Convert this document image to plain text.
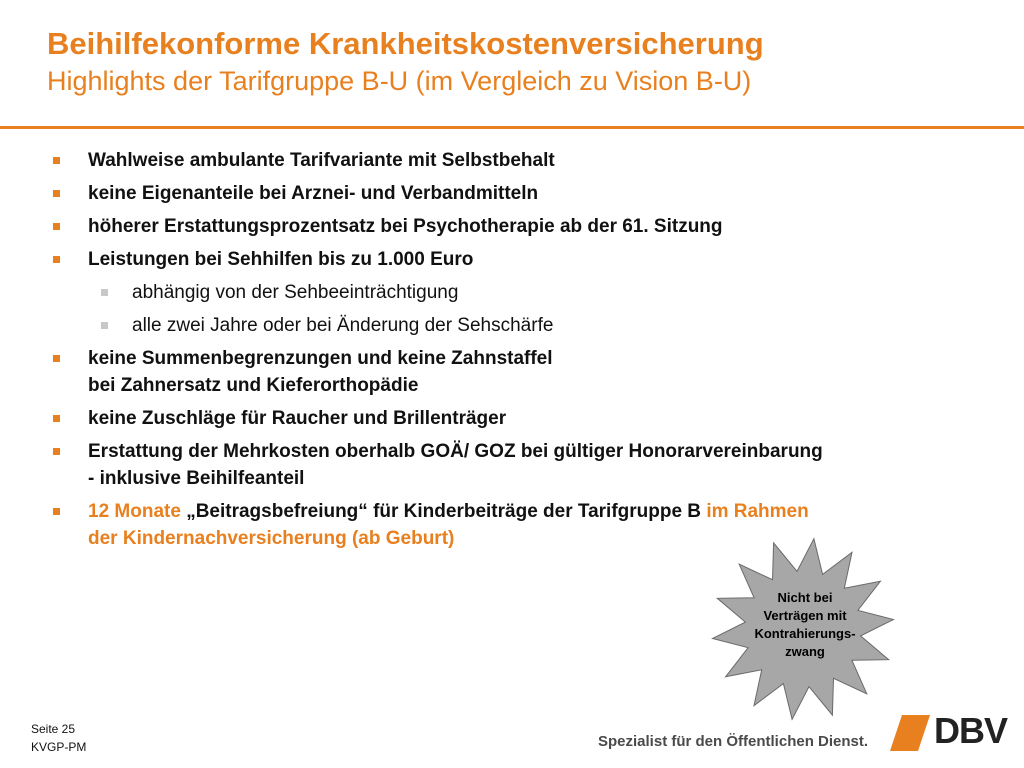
Beihilfekonforme Krankheitskostenversicherung
Highlights der Tarifgruppe B-U (im Vergleich zu Vision B-U)
Wahlweise ambulante Tarifvariante mit Selbstbehalt
keine Eigenanteile bei Arznei- und Verbandmitteln
höherer Erstattungsprozentsatz bei Psychotherapie ab der 61. Sitzung
Leistungen bei Sehhilfen bis zu 1.000 Euro
abhängig von der Sehbeeinträchtigung
alle zwei Jahre oder bei Änderung der Sehschärfe
keine Summenbegrenzungen und keine Zahnstaffel
bei Zahnersatz und Kieferorthopädie
keine Zuschläge für Raucher und Brillenträger
Erstattung der Mehrkosten oberhalb GOÄ/ GOZ bei gültiger Honorarvereinbarung
- inklusive Beihilfeanteil
12 Monate „Beitragsbefreiung“ für Kinderbeiträge der Tarifgruppe B im Rahmen
der Kindernachversicherung (ab Geburt)
Nicht bei
Verträgen mit
Kontrahierungs-
zwang
Seite 25
KVGP-PM	Spezialist für den Öffentlichen Dienst. DBV
